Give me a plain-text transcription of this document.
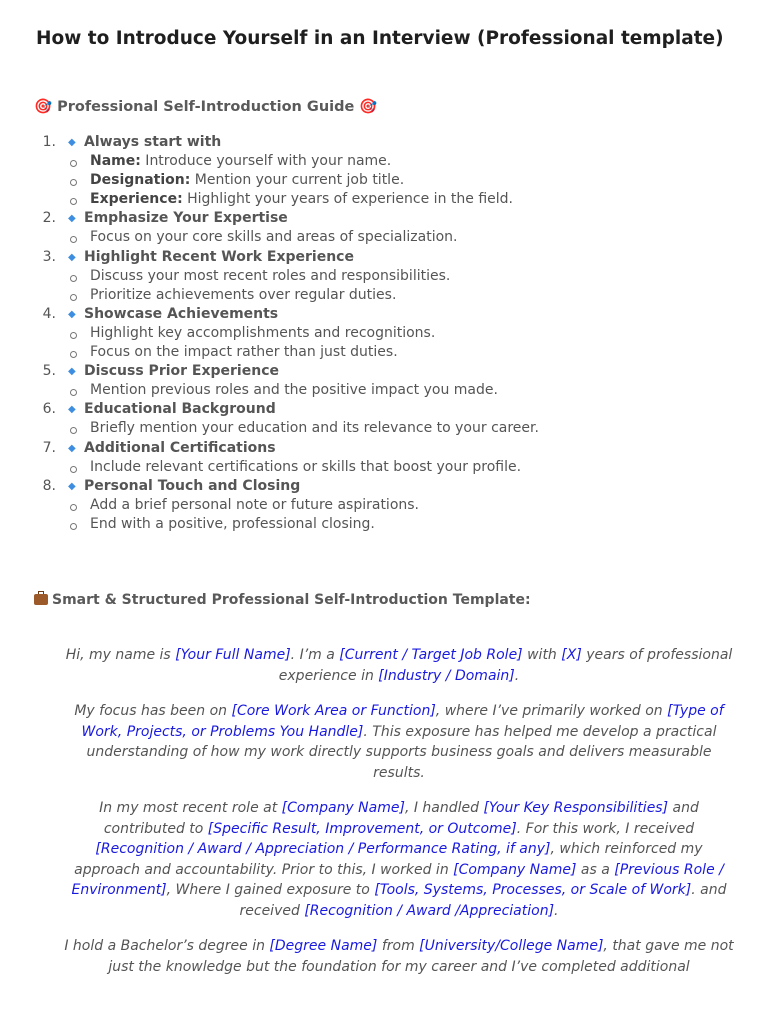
How to Introduce Yourself in an Interview (Professional template)
🎯 Professional Self-Introduction Guide 🎯
1. ◆ Always start with
Name: Introduce yourself with your name.
Designation: Mention your current job title.
Experience: Highlight your years of experience in the field.
2. ◆ Emphasize Your Expertise
Focus on your core skills and areas of specialization.
3. ◆ Highlight Recent Work Experience
Discuss your most recent roles and responsibilities.
Prioritize achievements over regular duties.
4. ◆ Showcase Achievements
Highlight key accomplishments and recognitions.
Focus on the impact rather than just duties.
5. ◆ Discuss Prior Experience
Mention previous roles and the positive impact you made.
6. ◆ Educational Background
Briefly mention your education and its relevance to your career.
7. ◆ Additional Certifications
Include relevant certifications or skills that boost your profile.
8. ◆ Personal Touch and Closing
Add a brief personal note or future aspirations.
End with a positive, professional closing.
Smart & Structured Professional Self-Introduction Template:

Hi, my name is [Your Full Name]. I’m a [Current / Target Job Role] with [X] years of professional experience in [Industry / Domain].

My focus has been on [Core Work Area or Function], where I’ve primarily worked on [Type of Work, Projects, or Problems You Handle]. This exposure has helped me develop a practical understanding of how my work directly supports business goals and delivers measurable results.

In my most recent role at [Company Name], I handled [Your Key Responsibilities] and contributed to [Specific Result, Improvement, or Outcome]. For this work, I received [Recognition / Award / Appreciation / Performance Rating, if any], which reinforced my approach and accountability. Prior to this, I worked in [Company Name] as a [Previous Role / Environment], Where I gained exposure to [Tools, Systems, Processes, or Scale of Work]. and received [Recognition / Award /Appreciation].

I hold a Bachelor’s degree in [Degree Name] from [University/College Name], that gave me not just the knowledge but the foundation for my career and I’ve completed additional
